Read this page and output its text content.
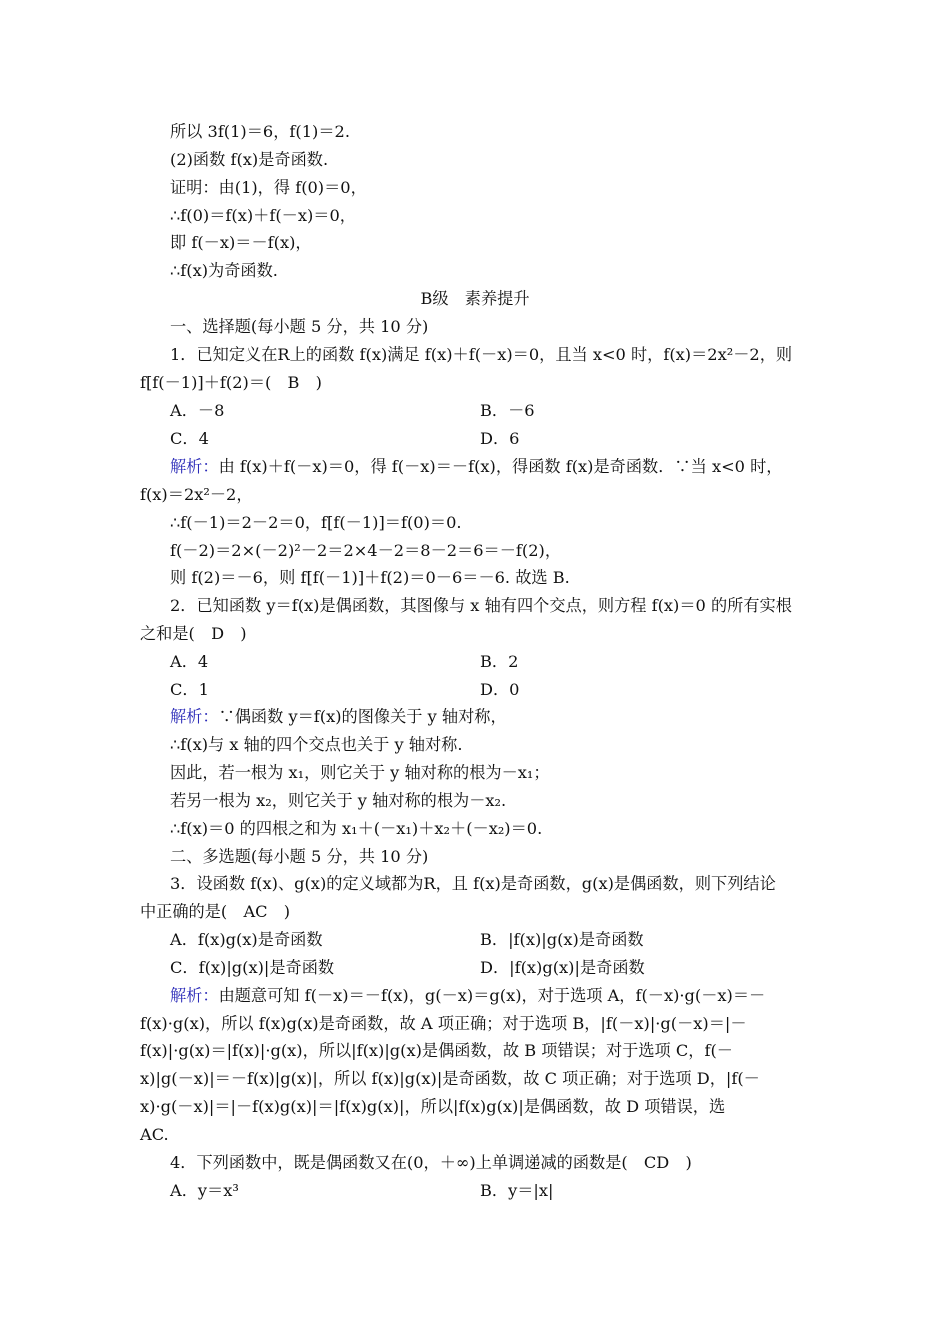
所以 3f(1)＝6，f(1)＝2.
(2)函数 f(x)是奇函数.
证明：由(1)，得 f(0)＝0，
∴f(0)＝f(x)＋f(－x)＝0，
即 f(－x)＝－f(x)，
∴f(x)为奇函数.
B级　素养提升
一、选择题(每小题 5 分，共 10 分)
1．已知定义在R上的函数 f(x)满足 f(x)＋f(－x)＝0，且当 x<0 时，f(x)＝2x²－2，则
f[f(－1)]＋f(2)＝(　B　)
A．－8	B．－6
C．4	D．6
解析：由 f(x)＋f(－x)＝0，得 f(－x)＝－f(x)，得函数 f(x)是奇函数．∵当 x<0 时，
f(x)＝2x²－2，
∴f(－1)＝2－2＝0，f[f(－1)]＝f(0)＝0.
f(－2)＝2×(－2)²－2＝2×4－2＝8－2＝6＝－f(2)，
则 f(2)＝－6，则 f[f(－1)]＋f(2)＝0－6＝－6. 故选 B.
2．已知函数 y＝f(x)是偶函数，其图像与 x 轴有四个交点，则方程 f(x)＝0 的所有实根
之和是(　D　)
A．4	B．2
C．1	D．0
解析：∵偶函数 y＝f(x)的图像关于 y 轴对称，
∴f(x)与 x 轴的四个交点也关于 y 轴对称.
因此，若一根为 x₁，则它关于 y 轴对称的根为－x₁；
若另一根为 x₂，则它关于 y 轴对称的根为－x₂.
∴f(x)＝0 的四根之和为 x₁＋(－x₁)＋x₂＋(－x₂)＝0.
二、多选题(每小题 5 分，共 10 分)
3．设函数 f(x)、g(x)的定义域都为R，且 f(x)是奇函数，g(x)是偶函数，则下列结论
中正确的是(　AC　)
A．f(x)g(x)是奇函数	B．|f(x)|g(x)是奇函数
C．f(x)|g(x)|是奇函数	D．|f(x)g(x)|是奇函数
解析：由题意可知 f(－x)＝－f(x)，g(－x)＝g(x)，对于选项 A，f(－x)·g(－x)＝－
f(x)·g(x)，所以 f(x)g(x)是奇函数，故 A 项正确；对于选项 B，|f(－x)|·g(－x)＝|－
f(x)|·g(x)＝|f(x)|·g(x)，所以|f(x)|g(x)是偶函数，故 B 项错误；对于选项 C，f(－
x)|g(－x)|＝－f(x)|g(x)|，所以 f(x)|g(x)|是奇函数，故 C 项正确；对于选项 D，|f(－
x)·g(－x)|＝|－f(x)g(x)|＝|f(x)g(x)|，所以|f(x)g(x)|是偶函数，故 D 项错误，选
AC.
4．下列函数中，既是偶函数又在(0，＋∞)上单调递减的函数是(　CD　)
A．y＝x³	B．y＝|x|
